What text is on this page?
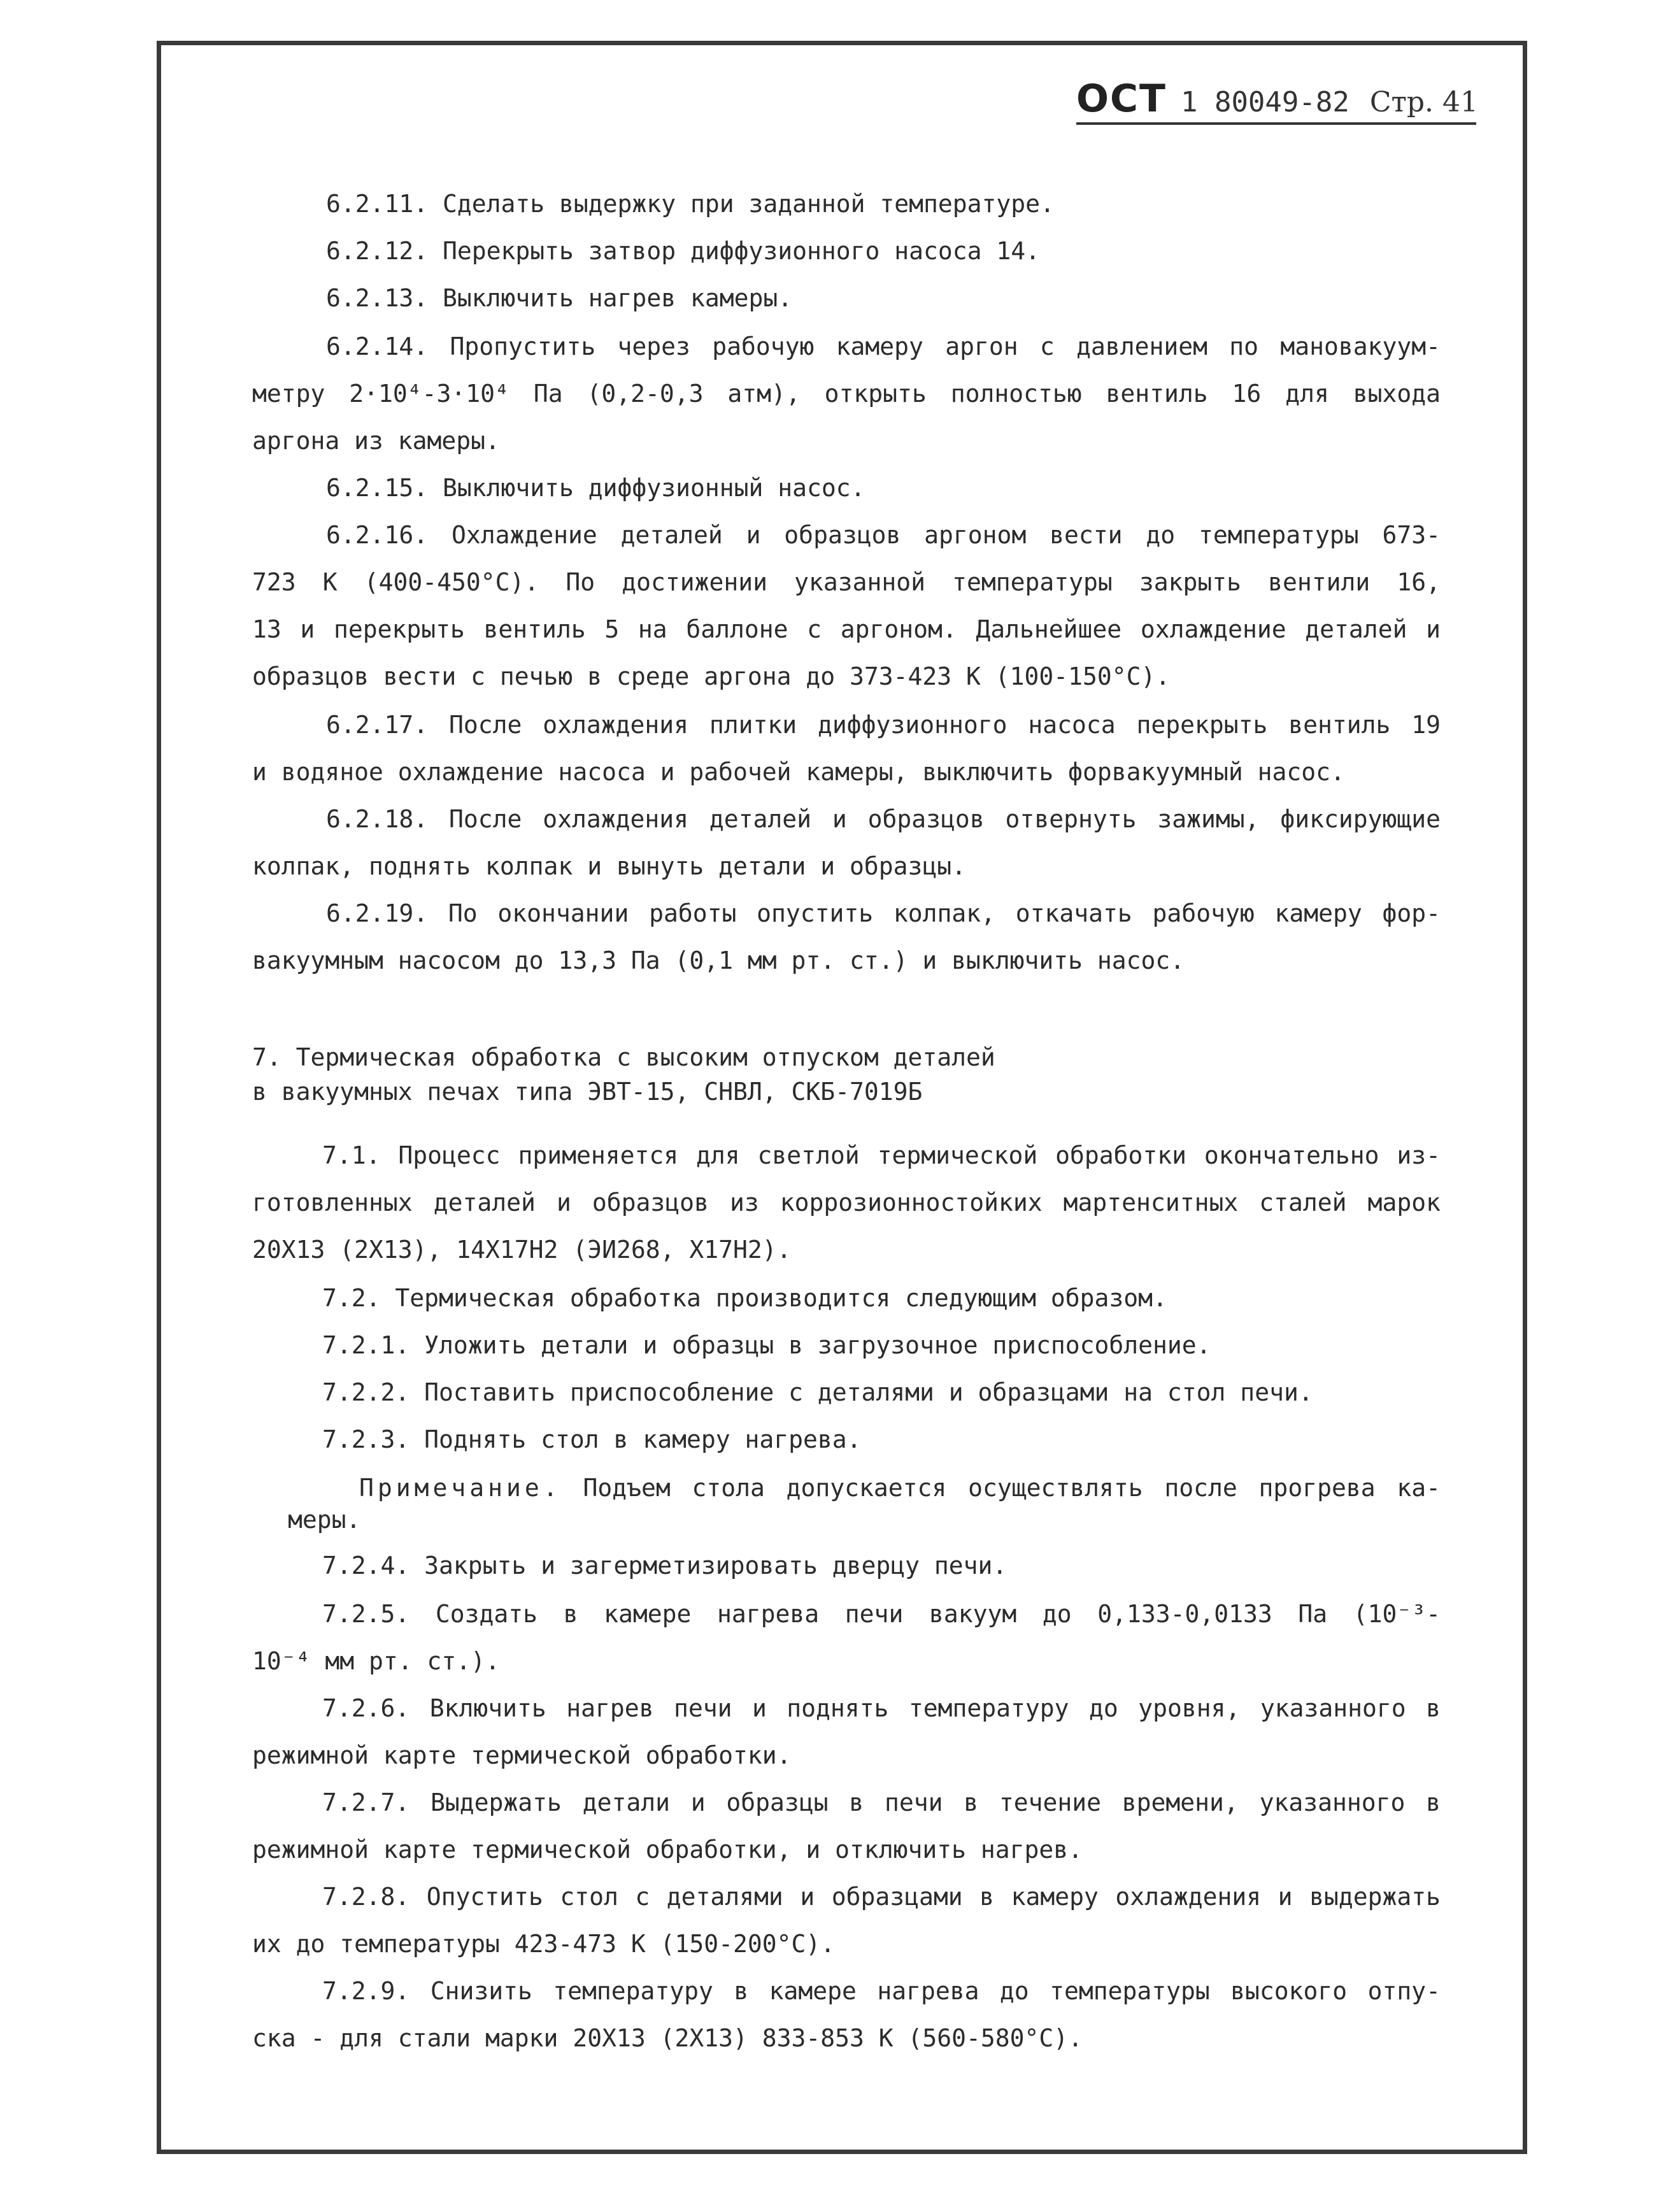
ОСТ 1 80049-82 Стр. 41
6.2.11. Сделать выдержку при заданной температуре.
6.2.12. Перекрыть затвор диффузионного насоса 14.
6.2.13. Выключить нагрев камеры.
6.2.14. Пропустить через рабочую камеру аргон с давлением по мановакуум-
метру 2·10⁴-3·10⁴ Па (0,2-0,3 атм), открыть полностью вентиль 16 для выхода
аргона из камеры.
6.2.15. Выключить диффузионный насос.
6.2.16. Охлаждение деталей и образцов аргоном вести до температуры 673-
723 К (400-450°С). По достижении указанной температуры закрыть вентили 16,
13 и перекрыть вентиль 5 на баллоне с аргоном. Дальнейшее охлаждение деталей и
образцов вести с печью в среде аргона до 373-423 К (100-150°С).
6.2.17. После охлаждения плитки диффузионного насоса перекрыть вентиль 19
и водяное охлаждение насоса и рабочей камеры, выключить форвакуумный насос.
6.2.18. После охлаждения деталей и образцов отвернуть зажимы, фиксирующие
колпак, поднять колпак и вынуть детали и образцы.
6.2.19. По окончании работы опустить колпак, откачать рабочую камеру фор-
вакуумным насосом до 13,3 Па (0,1 мм рт. ст.) и выключить насос.
7. Термическая обработка с высоким отпуском деталей
в вакуумных печах типа ЭВТ-15, СНВЛ, СКБ-7019Б
7.1. Процесс применяется для светлой термической обработки окончательно из-
готовленных деталей и образцов из коррозионностойких мартенситных сталей марок
20Х13 (2Х13), 14Х17Н2 (ЭИ268, Х17Н2).
7.2. Термическая обработка производится следующим образом.
7.2.1. Уложить детали и образцы в загрузочное приспособление.
7.2.2. Поставить приспособление с деталями и образцами на стол печи.
7.2.3. Поднять стол в камеру нагрева.
Примечание. Подъем стола допускается осуществлять после прогрева ка-
меры.
7.2.4. Закрыть и загерметизировать дверцу печи.
7.2.5. Создать в камере нагрева печи вакуум до 0,133-0,0133 Па (10⁻³-
10⁻⁴ мм рт. ст.).
7.2.6. Включить нагрев печи и поднять температуру до уровня, указанного в
режимной карте термической обработки.
7.2.7. Выдержать детали и образцы в печи в течение времени, указанного в
режимной карте термической обработки, и отключить нагрев.
7.2.8. Опустить стол с деталями и образцами в камеру охлаждения и выдержать
их до температуры 423-473 К (150-200°С).
7.2.9. Снизить температуру в камере нагрева до температуры высокого отпу-
ска - для стали марки 20Х13 (2Х13) 833-853 К (560-580°С).
